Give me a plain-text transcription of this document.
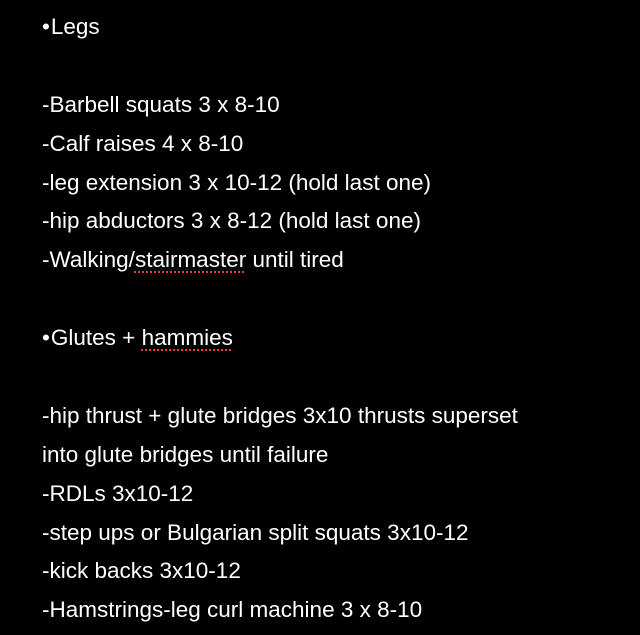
•Legs
-Barbell squats 3 x 8-10
-Calf raises 4 x 8-10
-leg extension 3 x 10-12 (hold last one)
-hip abductors 3 x 8-12 (hold last one)
-Walking/stairmaster until tired
•Glutes + hammies
-hip thrust + glute bridges 3x10 thrusts superset
into glute bridges until failure
-RDLs 3x10-12
-step ups or Bulgarian split squats 3x10-12
-kick backs 3x10-12
-Hamstrings-leg curl machine 3 x 8-10
